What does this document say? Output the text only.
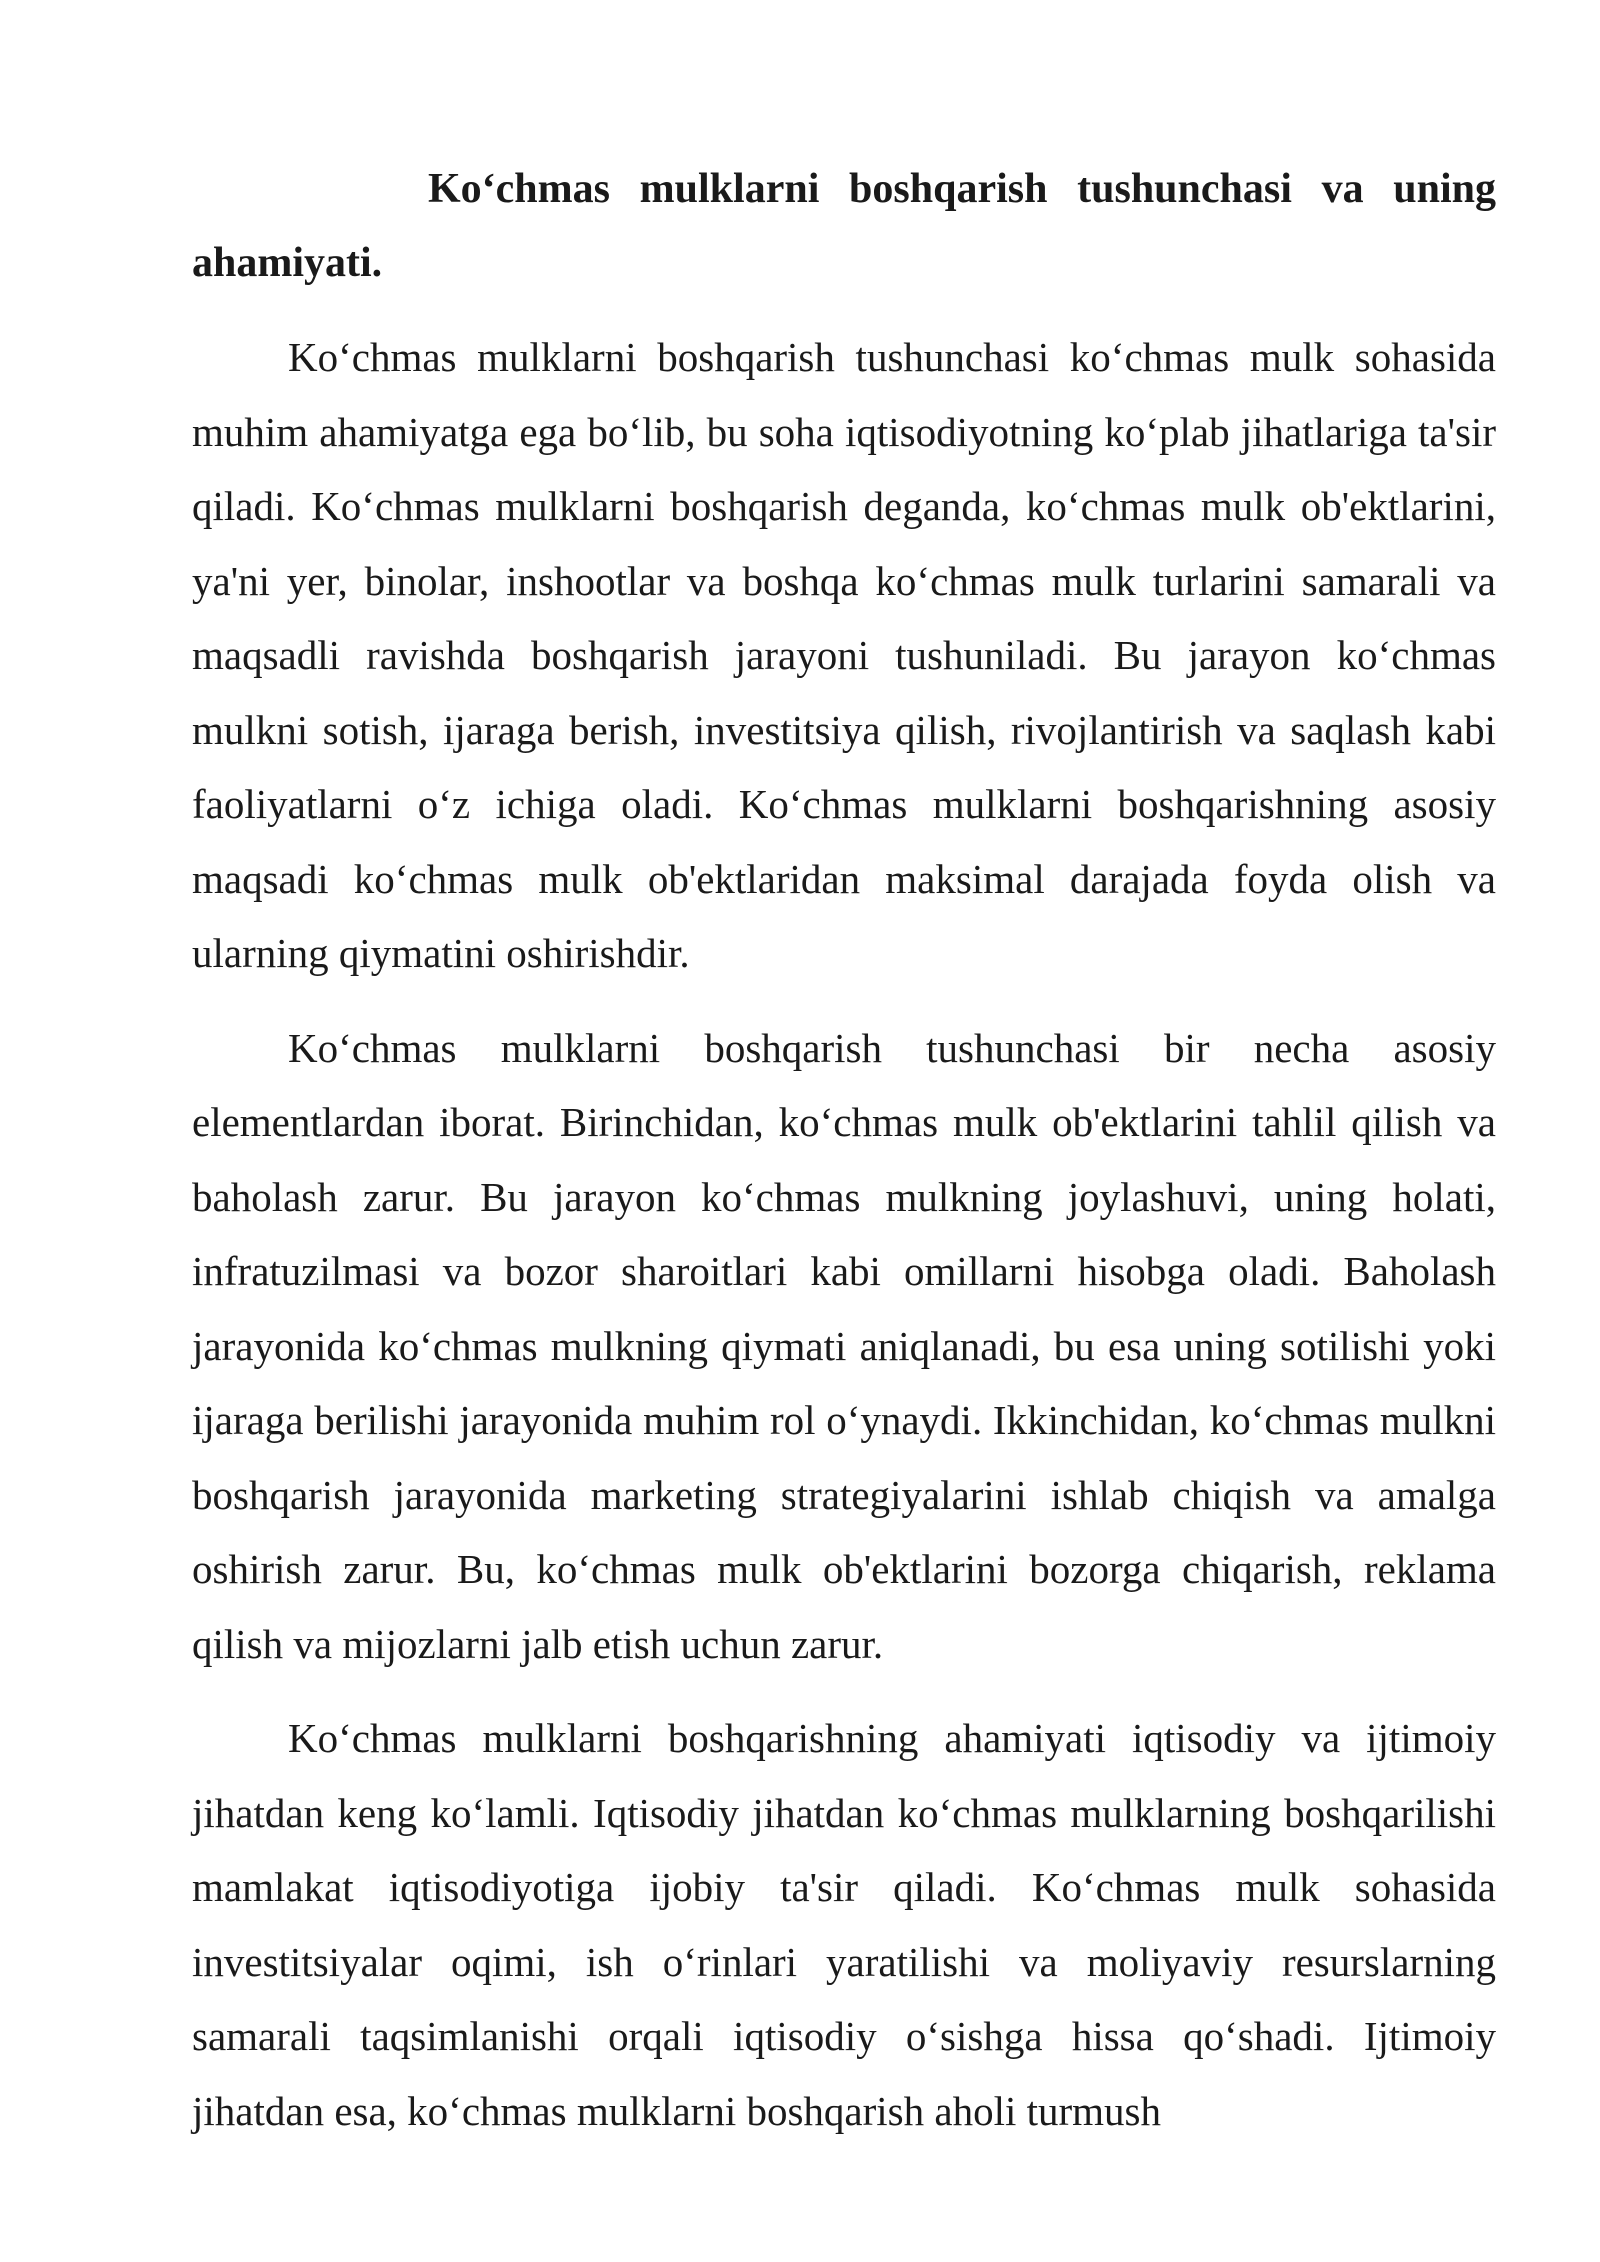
Ko‘chmas mulklarni boshqarish tushunchasi va uning ahamiyati.

Ko‘chmas mulklarni boshqarish tushunchasi ko‘chmas mulk sohasida muhim ahamiyatga ega bo‘lib, bu soha iqtisodiyotning ko‘plab jihatlariga ta'sir qiladi. Ko‘chmas mulklarni boshqarish deganda, ko‘chmas mulk ob'ektlarini, ya'ni yer, binolar, inshootlar va boshqa ko‘chmas mulk turlarini samarali va maqsadli ravishda boshqarish jarayoni tushuniladi. Bu jarayon ko‘chmas mulkni sotish, ijaraga berish, investitsiya qilish, rivojlantirish va saqlash kabi faoliyatlarni o‘z ichiga oladi. Ko‘chmas mulklarni boshqarishning asosiy maqsadi ko‘chmas mulk ob'ektlaridan maksimal darajada foyda olish va ularning qiymatini oshirishdir.

Ko‘chmas mulklarni boshqarish tushunchasi bir necha asosiy elementlardan iborat. Birinchidan, ko‘chmas mulk ob'ektlarini tahlil qilish va baholash zarur. Bu jarayon ko‘chmas mulkning joylashuvi, uning holati, infratuzilmasi va bozor sharoitlari kabi omillarni hisobga oladi. Baholash jarayonida ko‘chmas mulkning qiymati aniqlanadi, bu esa uning sotilishi yoki ijaraga berilishi jarayonida muhim rol o‘ynaydi. Ikkinchidan, ko‘chmas mulkni boshqarish jarayonida marketing strategiyalarini ishlab chiqish va amalga oshirish zarur. Bu, ko‘chmas mulk ob'ektlarini bozorga chiqarish, reklama qilish va mijozlarni jalb etish uchun zarur.

Ko‘chmas mulklarni boshqarishning ahamiyati iqtisodiy va ijtimoiy jihatdan keng ko‘lamli. Iqtisodiy jihatdan ko‘chmas mulklarning boshqarilishi mamlakat iqtisodiyotiga ijobiy ta'sir qiladi. Ko‘chmas mulk sohasida investitsiyalar oqimi, ish o‘rinlari yaratilishi va moliyaviy resurslarning samarali taqsimlanishi orqali iqtisodiy o‘sishga hissa qo‘shadi. Ijtimoiy jihatdan esa, ko‘chmas mulklarni boshqarish aholi turmush
